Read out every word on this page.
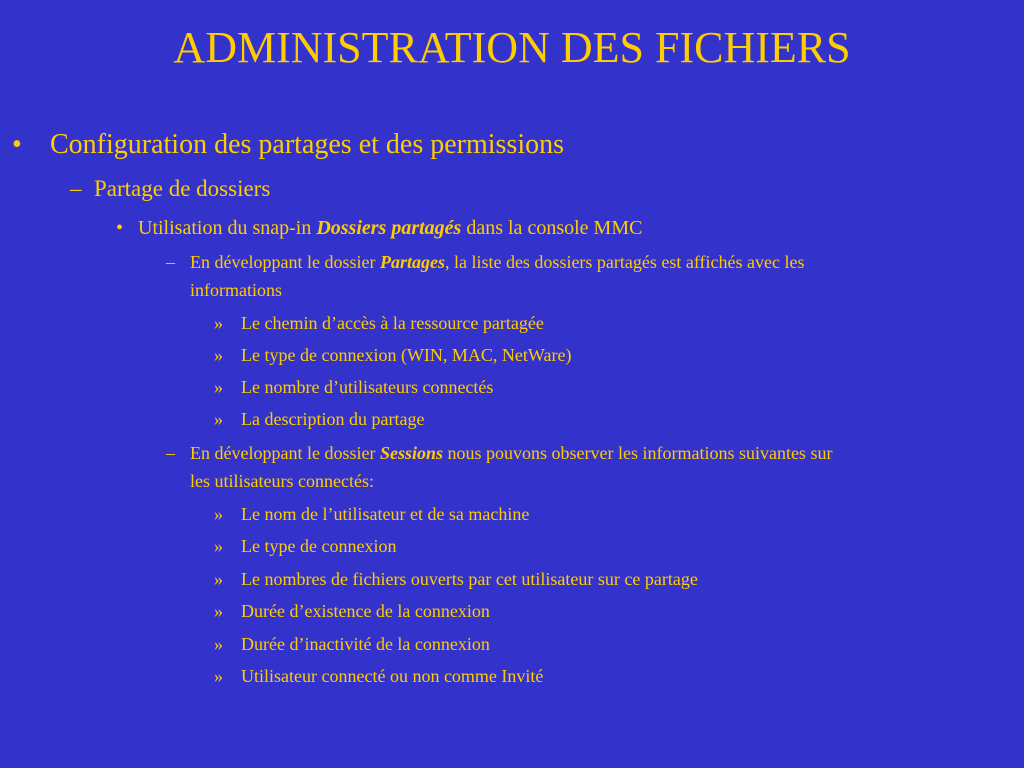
ADMINISTRATION DES FICHIERS
• Configuration des partages et des permissions
– Partage de dossiers
• Utilisation du snap-in Dossiers partagés dans la console MMC
– En développant le dossier Partages, la liste des dossiers partagés est affichés avec les
informations
» Le chemin d’accès à la ressource partagée
» Le type de connexion (WIN, MAC, NetWare)
» Le nombre d’utilisateurs connectés
» La description du partage
– En développant le dossier Sessions nous pouvons observer les informations suivantes sur
les utilisateurs connectés:
» Le nom de l’utilisateur et de sa machine
» Le type de connexion
» Le nombres de fichiers ouverts par cet utilisateur sur ce partage
» Durée d’existence de la connexion
» Durée d’inactivité de la connexion
» Utilisateur connecté ou non comme Invité
